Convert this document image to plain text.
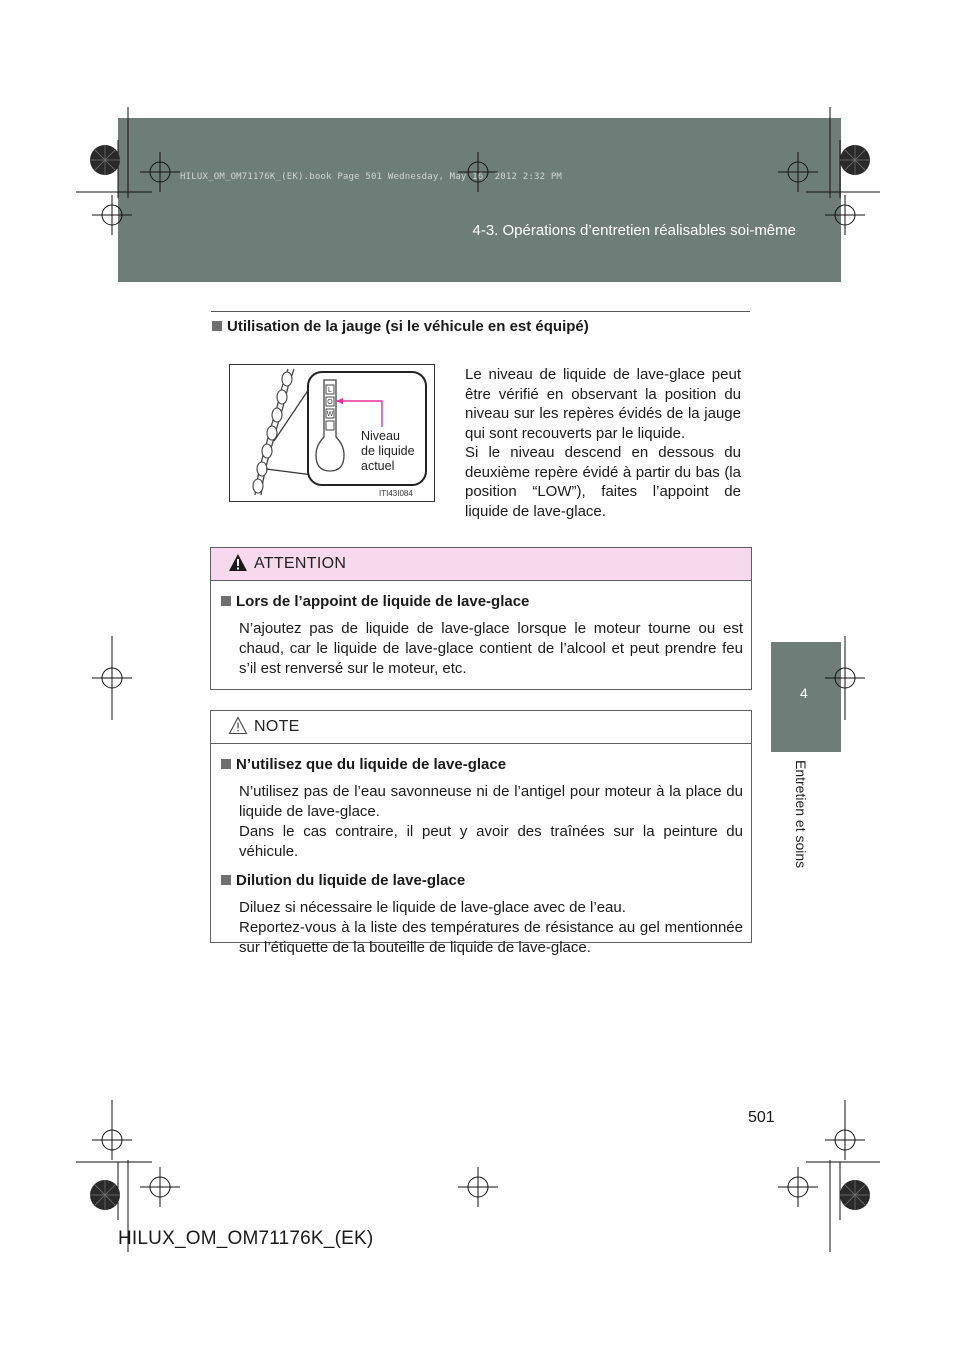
4-3. Opérations d’entretien réalisables soi-même
HILUX_OM_OM71176K_(EK).book Page 501 Wednesday, May 16, 2012 2:32 PM
4
Entretien et soins
Utilisation de la jauge (si le véhicule en est équipé)
L
O
W
Niveau
de liquide
actuel
ITI43I084

Le niveau de liquide de lave-glace peut être vérifié en observant la position du niveau sur les repères évidés de la jauge qui sont recouverts par le liquide.

Si le niveau descend en dessous du deuxième repère évidé à partir du bas (la position “LOW”), faites l’appoint de liquide de lave-glace.

ATTENTION
Lors de l’appoint de liquide de lave-glace
N’ajoutez pas de liquide de lave-glace lorsque le moteur tourne ou est chaud, car le liquide de lave-glace contient de l’alcool et peut prendre feu s’il est renversé sur le moteur, etc.
NOTE
N’utilisez que du liquide de lave-glace
N’utilisez pas de l’eau savonneuse ni de l’antigel pour moteur à la place du liquide de lave-glace.
Dans le cas contraire, il peut y avoir des traînées sur la peinture du véhicule.
Dilution du liquide de lave-glace
Diluez si nécessaire le liquide de lave-glace avec de l’eau.
Reportez-vous à la liste des températures de résistance au gel mentionnée sur l’étiquette de la bouteille de liquide de lave-glace.
501
HILUX_OM_OM71176K_(EK)
